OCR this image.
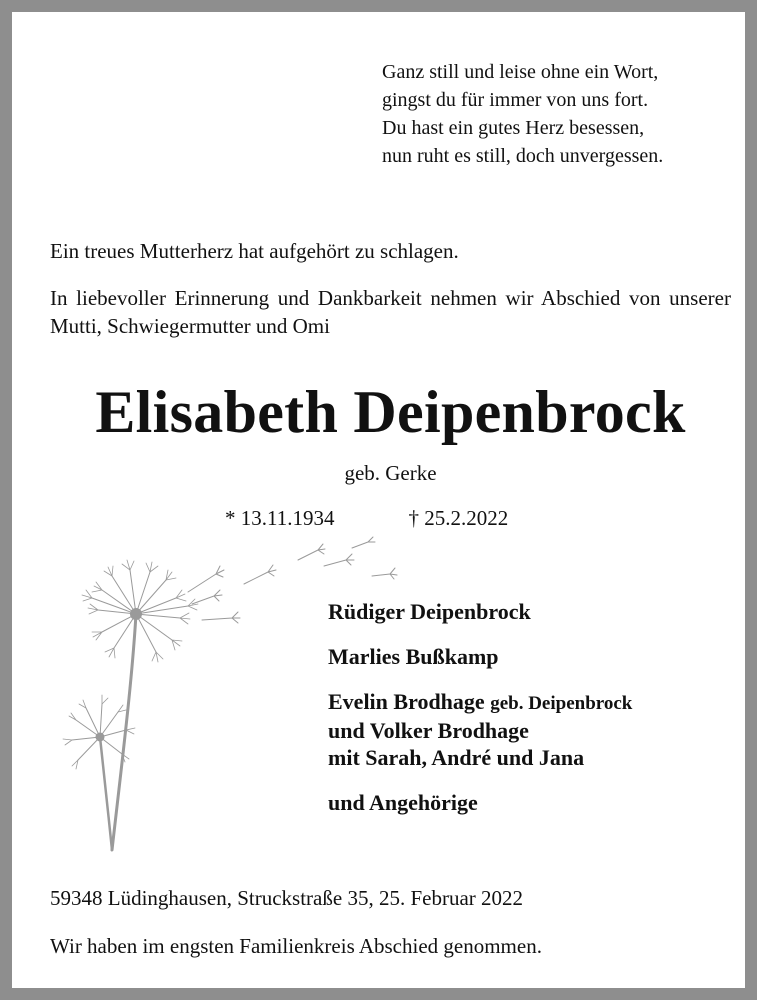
Ganz still und leise ohne ein Wort,
gingst du für immer von uns fort.
Du hast ein gutes Herz besessen,
nun ruht es still, doch unvergessen.
Ein treues Mutterherz hat aufgehört zu schlagen.
In liebevoller Erinnerung und Dankbarkeit nehmen wir Abschied von unserer Mutti, Schwiegermutter und Omi
Elisabeth Deipenbrock
geb. Gerke
* 13.11.1934	† 25.2.2022
Rüdiger Deipenbrock
Marlies Bußkamp
Evelin Brodhage geb. Deipenbrock
und Volker Brodhage
mit Sarah, André und Jana
und Angehörige
59348 Lüdinghausen, Struckstraße 35, 25. Februar 2022
Wir haben im engsten Familienkreis Abschied genommen.
